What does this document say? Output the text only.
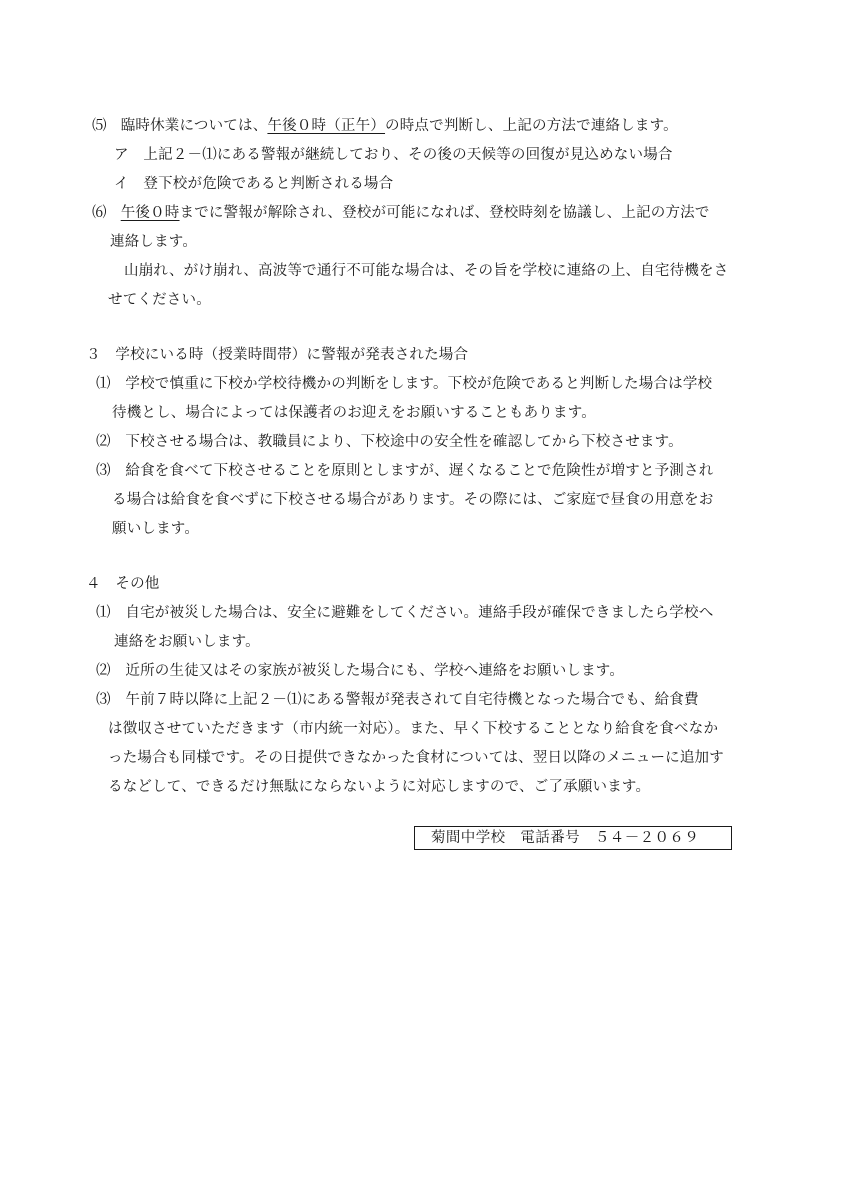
⑸ 臨時休業については、午後０時（正午）の時点で判断し、上記の方法で連絡します。
ア　上記２－⑴にある警報が継続しており、その後の天候等の回復が見込めない場合
イ　登下校が危険であると判断される場合
⑹ 午後０時までに警報が解除され、登校が可能になれば、登校時刻を協議し、上記の方法で
連絡します。
山崩れ、がけ崩れ、高波等で通行不可能な場合は、その旨を学校に連絡の上、自宅待機をさ
せてください。
３　学校にいる時（授業時間帯）に警報が発表された場合
⑴　学校で慎重に下校か学校待機かの判断をします。下校が危険であると判断した場合は学校
待機とし、場合によっては保護者のお迎えをお願いすることもあります。
⑵　下校させる場合は、教職員により、下校途中の安全性を確認してから下校させます。
⑶　給食を食べて下校させることを原則としますが、遅くなることで危険性が増すと予測され
る場合は給食を食べずに下校させる場合があります。その際には、ご家庭で昼食の用意をお
願いします。
４　その他
⑴　自宅が被災した場合は、安全に避難をしてください。連絡手段が確保できましたら学校へ
連絡をお願いします。
⑵　近所の生徒又はその家族が被災した場合にも、学校へ連絡をお願いします。
⑶　午前７時以降に上記２－⑴にある警報が発表されて自宅待機となった場合でも、給食費
は徴収させていただきます（市内統一対応）。また、早く下校することとなり給食を食べなか
った場合も同様です。その日提供できなかった食材については、翌日以降のメニューに追加す
るなどして、できるだけ無駄にならないように対応しますので、ご了承願います。
菊間中学校　電話番号　５４－２０６９
